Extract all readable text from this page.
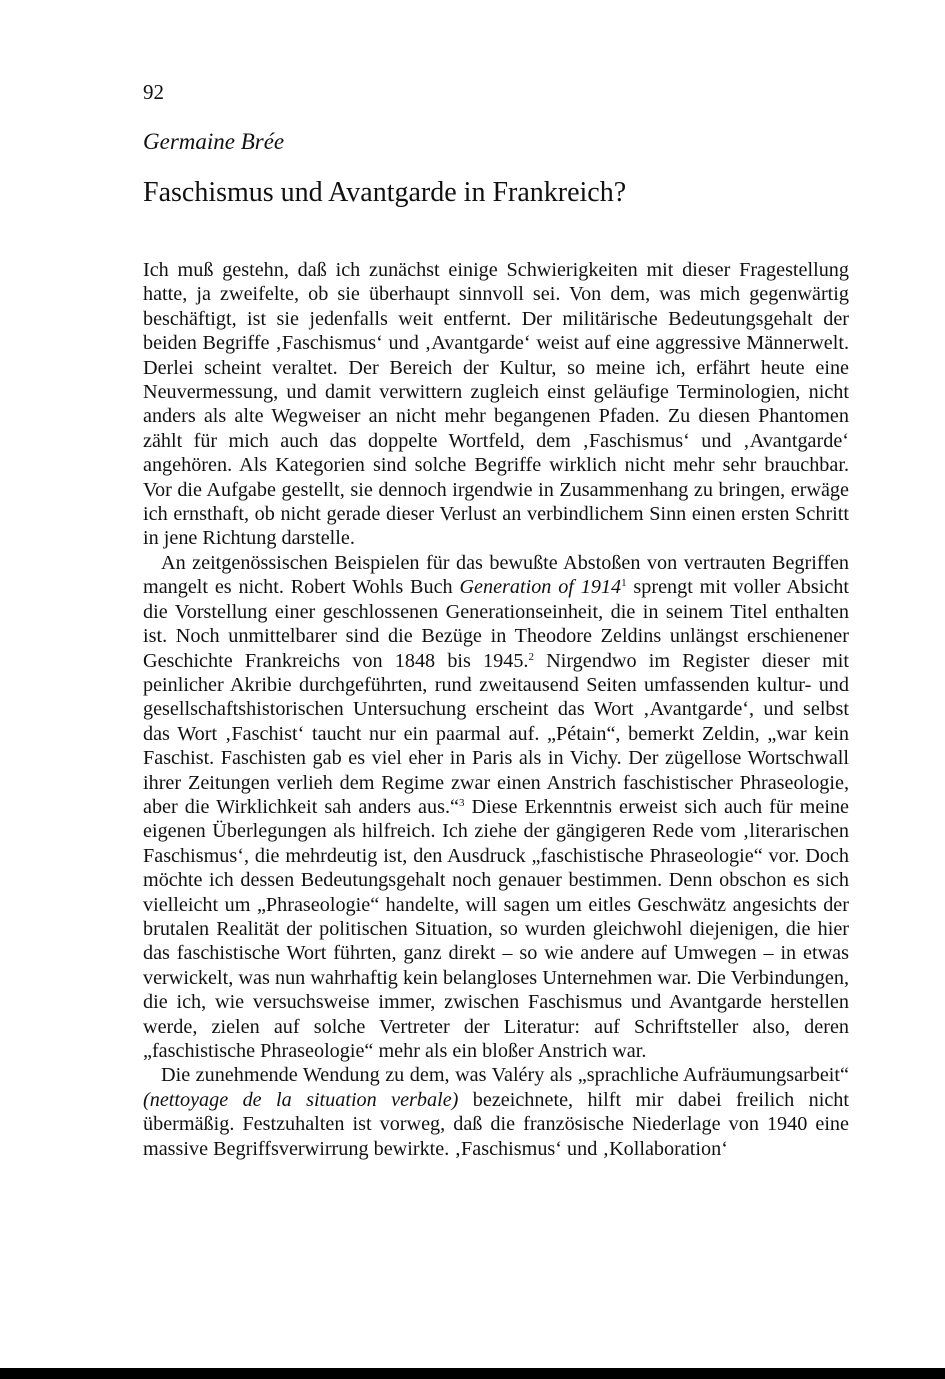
92
Germaine Brée
Faschismus und Avantgarde in Frankreich?

Ich muß gestehn, daß ich zunächst einige Schwierigkeiten mit dieser Fragestellung hatte, ja zweifelte, ob sie überhaupt sinnvoll sei. Von dem, was mich gegenwärtig beschäftigt, ist sie jedenfalls weit entfernt. Der militärische Bedeutungsgehalt der beiden Begriffe ‚Faschismus‘ und ‚Avantgarde‘ weist auf eine aggressive Männerwelt. Derlei scheint veraltet. Der Bereich der Kultur, so meine ich, erfährt heute eine Neuvermessung, und damit verwittern zugleich einst geläufige Terminologien, nicht anders als alte Wegweiser an nicht mehr begangenen Pfaden. Zu diesen Phantomen zählt für mich auch das doppelte Wortfeld, dem ‚Faschismus‘ und ‚Avantgarde‘ angehören. Als Kategorien sind solche Begriffe wirklich nicht mehr sehr brauchbar. Vor die Aufgabe gestellt, sie dennoch irgendwie in Zusammenhang zu bringen, erwäge ich ernsthaft, ob nicht gerade dieser Verlust an verbindlichem Sinn einen ersten Schritt in jene Richtung darstelle.

An zeitgenössischen Beispielen für das bewußte Abstoßen von vertrauten Begriffen mangelt es nicht. Robert Wohls Buch Generation of 1914$^1$ sprengt mit voller Absicht die Vorstellung einer geschlossenen Generationseinheit, die in seinem Titel enthalten ist. Noch unmittelbarer sind die Bezüge in Theodore Zeldins unlängst erschienener Geschichte Frankreichs von 1848 bis 1945.$^2$ Nirgendwo im Register dieser mit peinlicher Akribie durchgeführten, rund zweitausend Seiten umfassenden kultur- und gesellschaftshistorischen Untersuchung erscheint das Wort ‚Avantgarde‘, und selbst das Wort ‚Faschist‘ taucht nur ein paarmal auf. „Pétain“, bemerkt Zeldin, „war kein Faschist. Faschisten gab es viel eher in Paris als in Vichy. Der zügellose Wortschwall ihrer Zeitungen verlieh dem Regime zwar einen Anstrich faschistischer Phraseologie, aber die Wirklichkeit sah anders aus.“$^3$ Diese Erkenntnis erweist sich auch für meine eigenen Überlegungen als hilfreich. Ich ziehe der gängigeren Rede vom ‚literarischen Faschismus‘, die mehrdeutig ist, den Ausdruck „faschistische Phraseologie“ vor. Doch möchte ich dessen Bedeutungsgehalt noch genauer bestimmen. Denn obschon es sich vielleicht um „Phraseologie“ handelte, will sagen um eitles Geschwätz angesichts der brutalen Realität der politischen Situation, so wurden gleichwohl diejenigen, die hier das faschistische Wort führten, ganz direkt – so wie andere auf Umwegen – in etwas verwickelt, was nun wahrhaftig kein belangloses Unternehmen war. Die Verbindungen, die ich, wie versuchsweise immer, zwischen Faschismus und Avantgarde herstellen werde, zielen auf solche Vertreter der Literatur: auf Schriftsteller also, deren „faschistische Phraseologie“ mehr als ein bloßer Anstrich war.

Die zunehmende Wendung zu dem, was Valéry als „sprachliche Aufräumungsarbeit“ (nettoyage de la situation verbale) bezeichnete, hilft mir dabei freilich nicht übermäßig. Festzuhalten ist vorweg, daß die französische Niederlage von 1940 eine massive Begriffsverwirrung bewirkte. ‚Faschismus‘ und ‚Kollaboration‘
